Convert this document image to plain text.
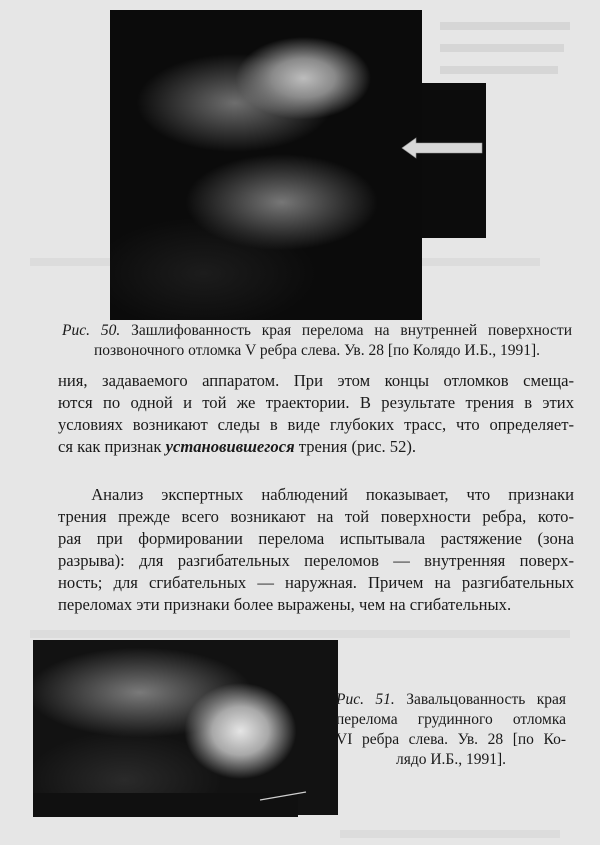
Рис. 50. Зашлифованность края перелома на внутренней поверхности
позвоночного отломка V ребра слева. Ув. 28 [по Колядо И.Б., 1991].
ния, задаваемого аппаратом. При этом концы отломков смеща-
ются по одной и той же траектории. В результате трения в этих
условиях возникают следы в виде глубоких трасс, что определяет-
ся как признак установившегося трения (рис. 52).
Анализ экспертных наблюдений показывает, что признаки
трения прежде всего возникают на той поверхности ребра, кото-
рая при формировании перелома испытывала растяжение (зона
разрыва): для разгибательных переломов — внутренняя поверх-
ность; для сгибательных — наружная. Причем на разгибательных
переломах эти признаки более выражены, чем на сгибательных.
Рис. 51. Завальцованность края
перелома грудинного отломка
VI ребра слева. Ув. 28 [по Ко-
лядо И.Б., 1991].
